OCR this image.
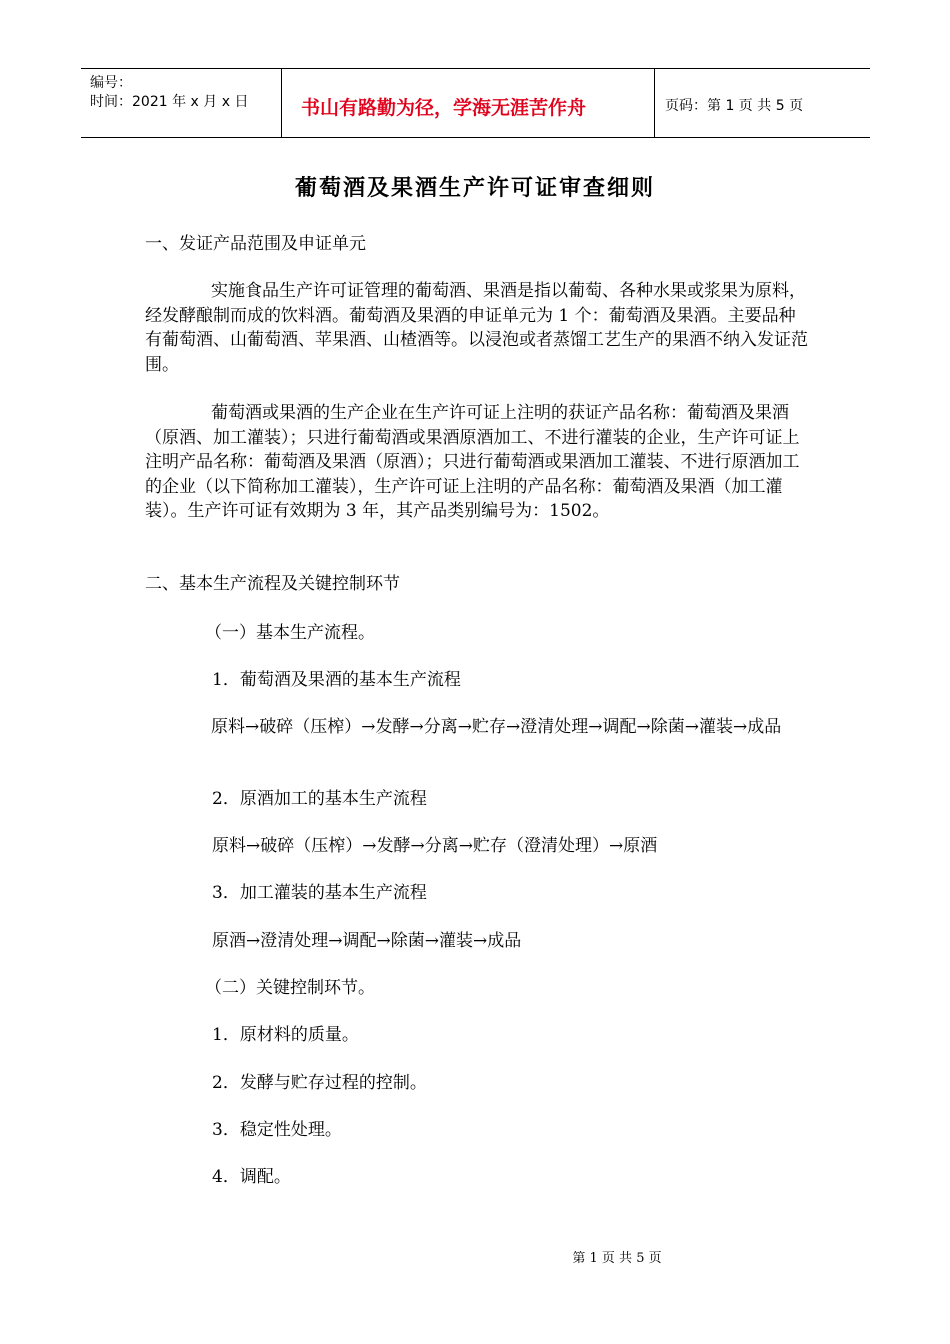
编号：
时间：2021 年 x 月 x 日	书山有路勤为径，学海无涯苦作舟	页码：第 1 页 共 5 页
葡萄酒及果酒生产许可证审查细则

一、发证产品范围及申证单元

实施食品生产许可证管理的葡萄酒、果酒是指以葡萄、各种水果或浆果为原料，经发酵酿制而成的饮料酒。葡萄酒及果酒的申证单元为 1 个：葡萄酒及果酒。主要品种有葡萄酒、山葡萄酒、苹果酒、山楂酒等。以浸泡或者蒸馏工艺生产的果酒不纳入发证范围。

葡萄酒或果酒的生产企业在生产许可证上注明的获证产品名称：葡萄酒及果酒（原酒、加工灌装）；只进行葡萄酒或果酒原酒加工、不进行灌装的企业，生产许可证上注明产品名称：葡萄酒及果酒（原酒）；只进行葡萄酒或果酒加工灌装、不进行原酒加工的企业（以下简称加工灌装），生产许可证上注明的产品名称：葡萄酒及果酒（加工灌装）。生产许可证有效期为 3 年，其产品类别编号为：1502。

二、基本生产流程及关键控制环节

（一）基本生产流程。

1．葡萄酒及果酒的基本生产流程

原料→破碎（压榨）→发酵→分离→贮存→澄清处理→调配→除菌→灌装→成品

2．原酒加工的基本生产流程

原料→破碎（压榨）→发酵→分离→贮存（澄清处理）→原酒

3．加工灌装的基本生产流程

原酒→澄清处理→调配→除菌→灌装→成品

（二）关键控制环节。

1．原材料的质量。

2．发酵与贮存过程的控制。

3．稳定性处理。

4．调配。

第 1 页 共 5 页
